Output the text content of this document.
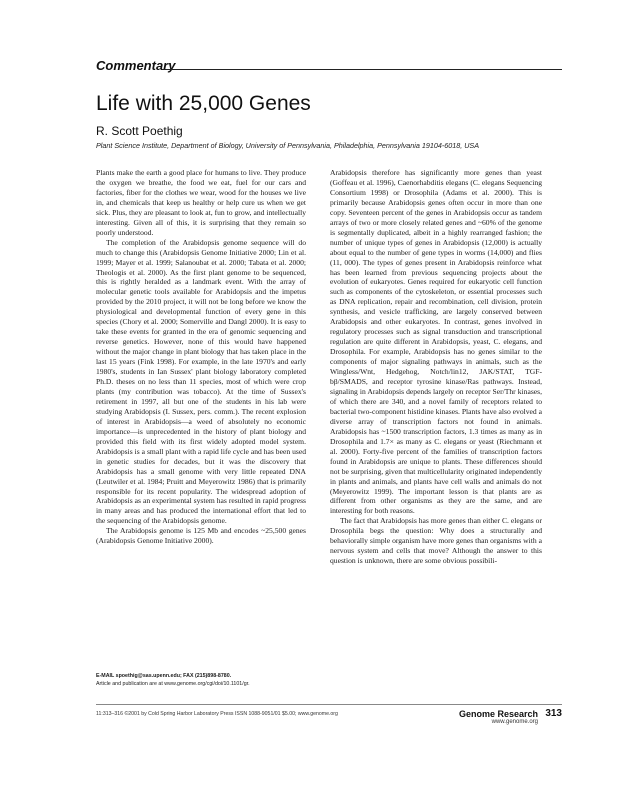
Commentary
Life with 25,000 Genes
R. Scott Poethig
Plant Science Institute, Department of Biology, University of Pennsylvania, Philadelphia, Pennsylvania 19104-6018, USA

Plants make the earth a good place for humans to live. They produce the oxygen we breathe, the food we eat, fuel for our cars and factories, fiber for the clothes we wear, wood for the houses we live in, and chemicals that keep us healthy or help cure us when we get sick. Plus, they are pleasant to look at, fun to grow, and intellectually interesting. Given all of this, it is surprising that they remain so poorly understood.

The completion of the Arabidopsis genome sequence will do much to change this (Arabidopsis Genome Initiative 2000; Lin et al. 1999; Mayer et al. 1999; Salanoubat et al. 2000; Tabata et al. 2000; Theologis et al. 2000). As the first plant genome to be sequenced, this is rightly heralded as a landmark event. With the array of molecular genetic tools available for Arabidopsis and the impetus provided by the 2010 project, it will not be long before we know the physiological and developmental function of every gene in this species (Chory et al. 2000; Somerville and Dangl 2000). It is easy to take these events for granted in the era of genomic sequencing and reverse genetics. However, none of this would have happened without the major change in plant biology that has taken place in the last 15 years (Fink 1998). For example, in the late 1970's and early 1980's, students in Ian Sussex' plant biology laboratory completed Ph.D. theses on no less than 11 species, most of which were crop plants (my contribution was tobacco). At the time of Sussex's retirement in 1997, all but one of the students in his lab were studying Arabidopsis (I. Sussex, pers. comm.). The recent explosion of interest in Arabidopsis—a weed of absolutely no economic importance—is unprecedented in the history of plant biology and provided this field with its first widely adopted model system. Arabidopsis is a small plant with a rapid life cycle and has been used in genetic studies for decades, but it was the discovery that Arabidopsis has a small genome with very little repeated DNA (Leutwiler et al. 1984; Pruitt and Meyerowitz 1986) that is primarily responsible for its recent popularity. The widespread adoption of Arabidopsis as an experimental system has resulted in rapid progress in many areas and has produced the international effort that led to the sequencing of the Arabidopsis genome.

The Arabidopsis genome is 125 Mb and encodes ~25,500 genes (Arabidopsis Genome Initiative 2000).

Arabidopsis therefore has significantly more genes than yeast (Goffeau et al. 1996), Caenorhabditis elegans (C. elegans Sequencing Consortium 1998) or Drosophila (Adams et al. 2000). This is primarily because Arabidopsis genes often occur in more than one copy. Seventeen percent of the genes in Arabidopsis occur as tandem arrays of two or more closely related genes and ~60% of the genome is segmentally duplicated, albeit in a highly rearranged fashion; the number of unique types of genes in Arabidopsis (12,000) is actually about equal to the number of gene types in worms (14,000) and flies (11, 000). The types of genes present in Arabidopsis reinforce what has been learned from previous sequencing projects about the evolution of eukaryotes. Genes required for eukaryotic cell function such as components of the cytoskeleton, or essential processes such as DNA replication, repair and recombination, cell division, protein synthesis, and vesicle trafficking, are largely conserved between Arabidopsis and other eukaryotes. In contrast, genes involved in regulatory processes such as signal transduction and transcriptional regulation are quite different in Arabidopsis, yeast, C. elegans, and Drosophila. For example, Arabidopsis has no genes similar to the components of major signaling pathways in animals, such as the Wingless/Wnt, Hedgehog, Notch/lin12, JAK/STAT, TGF-bβ/SMADS, and receptor tyrosine kinase/Ras pathways. Instead, signaling in Arabidopsis depends largely on receptor Ser/Thr kinases, of which there are 340, and a novel family of receptors related to bacterial two-component histidine kinases. Plants have also evolved a diverse array of transcription factors not found in animals. Arabidopsis has ~1500 transcription factors, 1.3 times as many as in Drosophila and 1.7× as many as C. elegans or yeast (Riechmann et al. 2000). Forty-five percent of the families of transcription factors found in Arabidopsis are unique to plants. These differences should not be surprising, given that multicellularity originated independently in plants and animals, and plants have cell walls and animals do not (Meyerowitz 1999). The important lesson is that plants are as different from other organisms as they are the same, and are interesting for both reasons.

The fact that Arabidopsis has more genes than either C. elegans or Drosophila begs the question: Why does a structurally and behaviorally simple organism have more genes than organisms with a nervous system and cells that move? Although the answer to this question is unknown, there are some obvious possibili-

E-MAIL spoethig@sas.upenn.edu; FAX (215)898-8780.
Article and publication are at www.genome.org/cgi/doi/10.1101/gr.
11:313–316 ©2001 by Cold Spring Harbor Laboratory Press ISSN 1088-9051/01 $5.00; www.genome.org	Genome Research 313
www.genome.org
